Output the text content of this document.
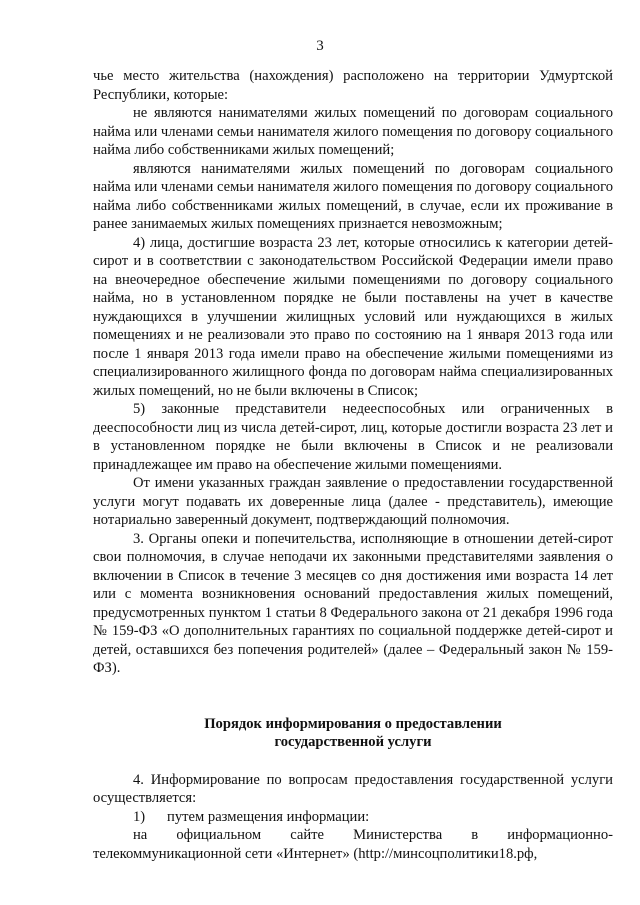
3

чье место жительства (нахождения) расположено на территории Удмуртской Республики, которые:

не являются нанимателями жилых помещений по договорам социального найма или членами семьи нанимателя жилого помещения по договору социального найма либо собственниками жилых помещений;

являются нанимателями жилых помещений по договорам социального найма или членами семьи нанимателя жилого помещения по договору социального найма либо собственниками жилых помещений, в случае, если их проживание в ранее занимаемых жилых помещениях признается невозможным;

4) лица, достигшие возраста 23 лет, которые относились к категории детей-сирот и в соответствии с законодательством Российской Федерации имели право на внеочередное обеспечение жилыми помещениями по договору социального найма, но в установленном порядке не были поставлены на учет в качестве нуждающихся в улучшении жилищных условий или нуждающихся в жилых помещениях и не реализовали это право по состоянию на 1 января 2013 года или после 1 января 2013 года имели право на обеспечение жилыми помещениями из специализированного жилищного фонда по договорам найма специализированных жилых помещений, но не были включены в Список;

5) законные представители недееспособных или ограниченных в дееспособности лиц из числа детей-сирот, лиц, которые достигли возраста 23 лет и в установленном порядке не были включены в Список и не реализовали принадлежащее им право на обеспечение жилыми помещениями.

От имени указанных граждан заявление о предоставлении государственной услуги могут подавать их доверенные лица (далее - представитель), имеющие нотариально заверенный документ, подтверждающий полномочия.

3. Органы опеки и попечительства, исполняющие в отношении детей-сирот свои полномочия, в случае неподачи их законными представителями заявления о включении в Список в течение 3 месяцев со дня достижения ими возраста 14 лет или с момента возникновения оснований предоставления жилых помещений, предусмотренных пунктом 1 статьи 8 Федерального закона от 21 декабря 1996 года № 159-ФЗ «О дополнительных гарантиях по социальной поддержке детей-сирот и детей, оставшихся без попечения родителей» (далее – Федеральный закон № 159-ФЗ).

Порядок информирования о предоставлении
государственной услуги

4. Информирование по вопросам предоставления государственной услуги осуществляется:

1)  путем размещения информации:

на официальном сайте Министерства в информационно-телекоммуникационной сети «Интернет» (http://минсоцполитики18.рф,
